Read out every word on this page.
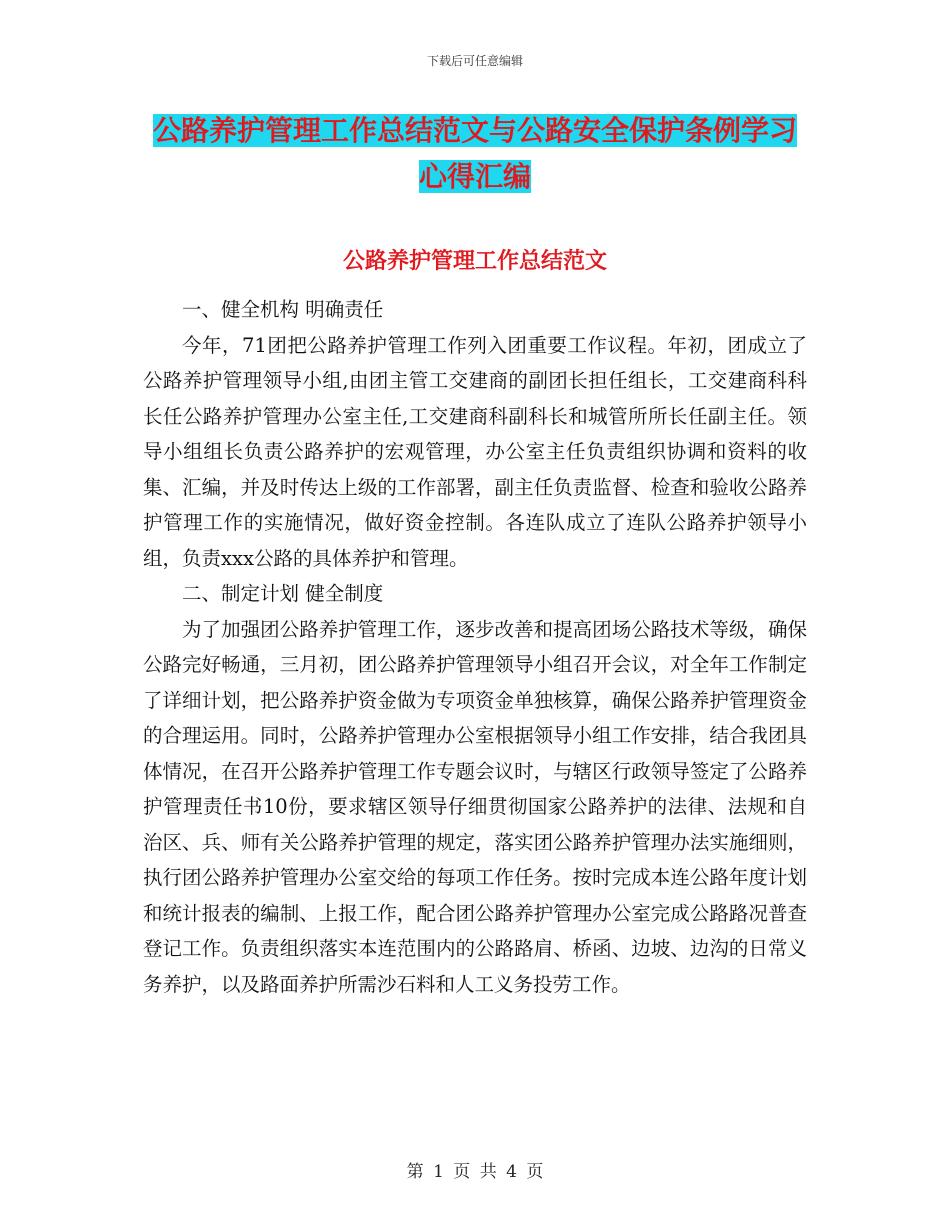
下载后可任意编辑
公路养护管理工作总结范文与公路安全保护条例学习
心得汇编
公路养护管理工作总结范文

一、健全机构 明确责任

今年，71团把公路养护管理工作列入团重要工作议程。年初，团成立了公路养护管理领导小组,由团主管工交建商的副团长担任组长，工交建商科科长任公路养护管理办公室主任,工交建商科副科长和城管所所长任副主任。领导小组组长负责公路养护的宏观管理，办公室主任负责组织协调和资料的收集、汇编，并及时传达上级的工作部署，副主任负责监督、检查和验收公路养护管理工作的实施情况，做好资金控制。各连队成立了连队公路养护领导小组，负责xxx公路的具体养护和管理。

二、制定计划 健全制度

为了加强团公路养护管理工作，逐步改善和提高团场公路技术等级，确保公路完好畅通，三月初，团公路养护管理领导小组召开会议，对全年工作制定了详细计划，把公路养护资金做为专项资金单独核算，确保公路养护管理资金的合理运用。同时，公路养护管理办公室根据领导小组工作安排，结合我团具体情况，在召开公路养护管理工作专题会议时，与辖区行政领导签定了公路养护管理责任书10份，要求辖区领导仔细贯彻国家公路养护的法律、法规和自治区、兵、师有关公路养护管理的规定，落实团公路养护管理办法实施细则，执行团公路养护管理办公室交给的每项工作任务。按时完成本连公路年度计划和统计报表的编制、上报工作，配合团公路养护管理办公室完成公路路况普查登记工作。负责组织落实本连范围内的公路路肩、桥函、边坡、边沟的日常义务养护，以及路面养护所需沙石料和人工义务投劳工作。

第 1 页 共 4 页
